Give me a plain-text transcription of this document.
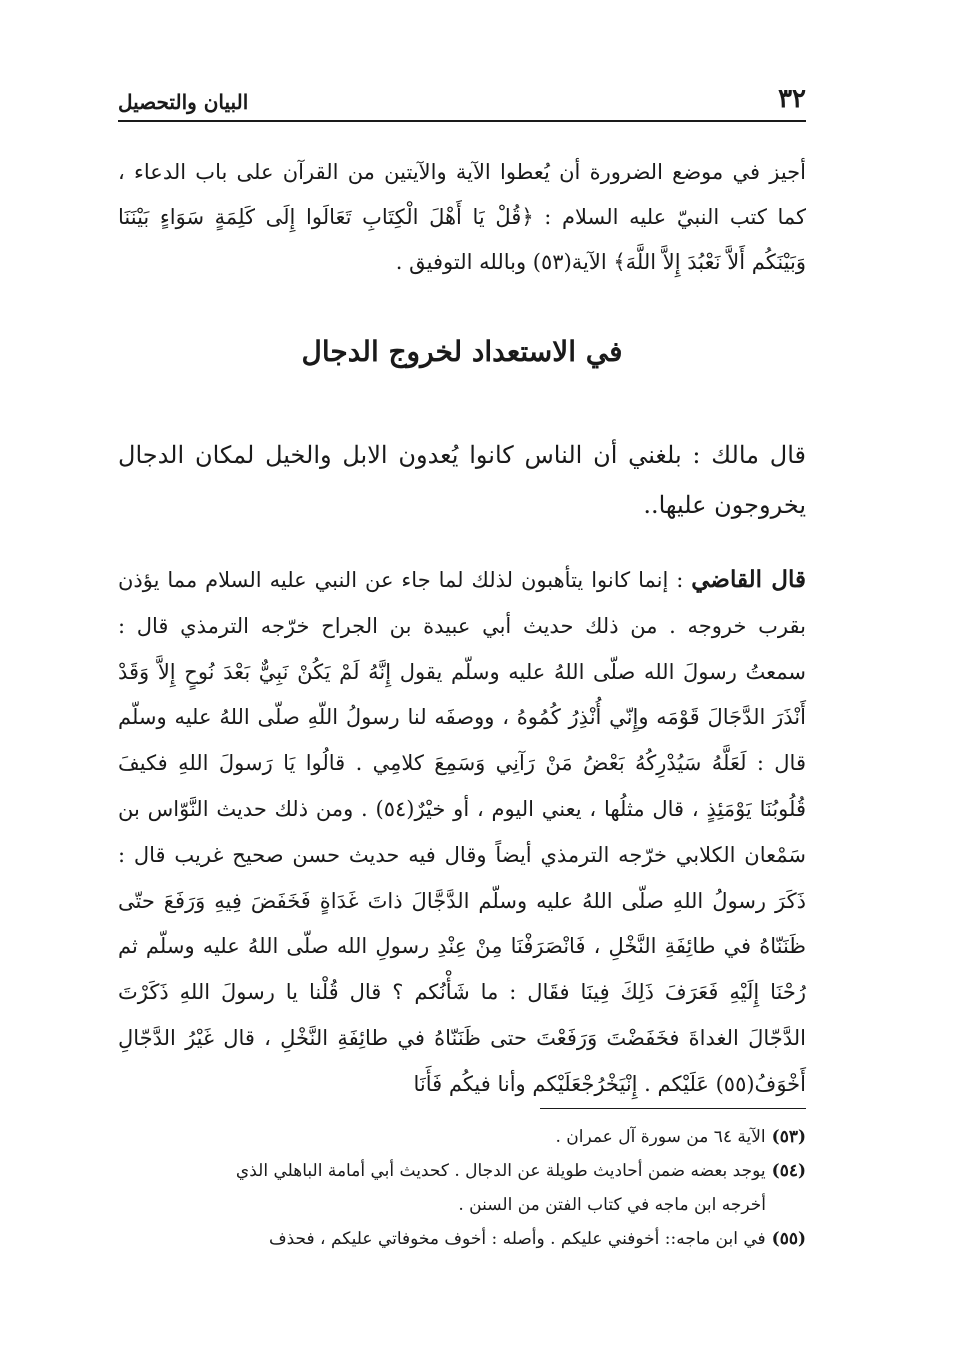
البيان والتحصيل	٣٢
أجيز في موضع الضرورة أن يُعطوا الآية والآيتين من القرآن على باب الدعاء ، كما كتب النبيّ عليه السلام : ﴿قُلْ يَا أَهْلَ الْكِتَابِ تَعَالَوا إِلَى كَلِمَةٍ سَوَاءٍ بَيْنَنَا وَبَيْنَكُم أَلاَّ نَعْبُدَ إِلاَّ اللَّهَ﴾ الآية(٥٣) وبالله التوفيق .
في الاستعداد لخروج الدجال
قال مالك : بلغني أن الناس كانوا يُعدون الابل والخيل لمكان الدجال يخروجون عليها..
قال القاضي : إنما كانوا يتأهبون لذلك لما جاء عن النبي عليه السلام مما يؤذن بقرب خروجه . من ذلك حديث أبي عبيدة بن الجراح خرّجه الترمذي قال : سمعتُ رسولَ الله صلّى اللهُ عليه وسلّم يقول إِنَّهُ لَمْ يَكُنْ نَبِيٌّ بَعْدَ نُوحٍ إِلاَّ وَقَدْ أَنْذَرَ الدَّجَالَ قَوْمَه وإِنّي أُنْذِرُ كُمُوهُ ، ووصفَه لنا رسولُ اللّهِ صلّى اللهُ عليه وسلّم قال : لَعَلَّهُ سَيُدْرِكُهُ بَعْضُ مَنْ رَآنِي وَسَمِعَ كلامِي . قالُوا يَا رَسولَ اللهِ فكيفَ قُلُوبُنَا يَوْمَئِذٍ ، قال مثلُها ، يعني اليوم ، أو خيْرٌ(٥٤) . ومن ذلك حديث النَّوّاس بن سَمْعان الكلابي خرّجه الترمذي أيضاً وقال فيه حديث حسن صحيح غريب قال : ذَكَرَ رسولُ اللهِ صلّى اللهُ عليه وسلّم الدَّجَّالَ ذاتَ غَدَاةٍ فَخَفَضَ فِيهِ وَرَفَعَ حتّى ظَنَنّاهُ في طائِفَةِ النَّخْلِ ، فَانْصَرَفْنَا مِنْ عِنْدِ رسولِ الله صلّى اللهُ عليه وسلّم ثم رُحْنَا إِلَيْهِ فَعَرَفَ ذَلِكَ فِينَا فقَال : ما شَأْنُكم ؟ قال قُلْنا يا رسولَ اللهِ ذَكَرْتَ الدَّجّالَ الغداةَ فخَفَضْتَ وَرَفَعْتَ حتى ظَنَنّاهُ في طائِفَةِ النَّخْلِ ، قال غَيْرُ الدَّجّالِ أَخْوَفُ(٥٥) عَلَيْكم . إِنْيَخْرُجْعَلَيْكم وأنا فيكُم فَأَنَا

(٥٣)الآية ٦٤ من سورة آل عمران .

(٥٤)يوجد بعضه ضمن أحاديث طويلة عن الدجال . كحديث أبي أمامة الباهلي الذي

أخرجه ابن ماجه في كتاب الفتن من السنن .

(٥٥)في ابن ماجه:: أخوفني عليكم . وأصله : أخوف مخوفاتي عليكم ، فحذف
